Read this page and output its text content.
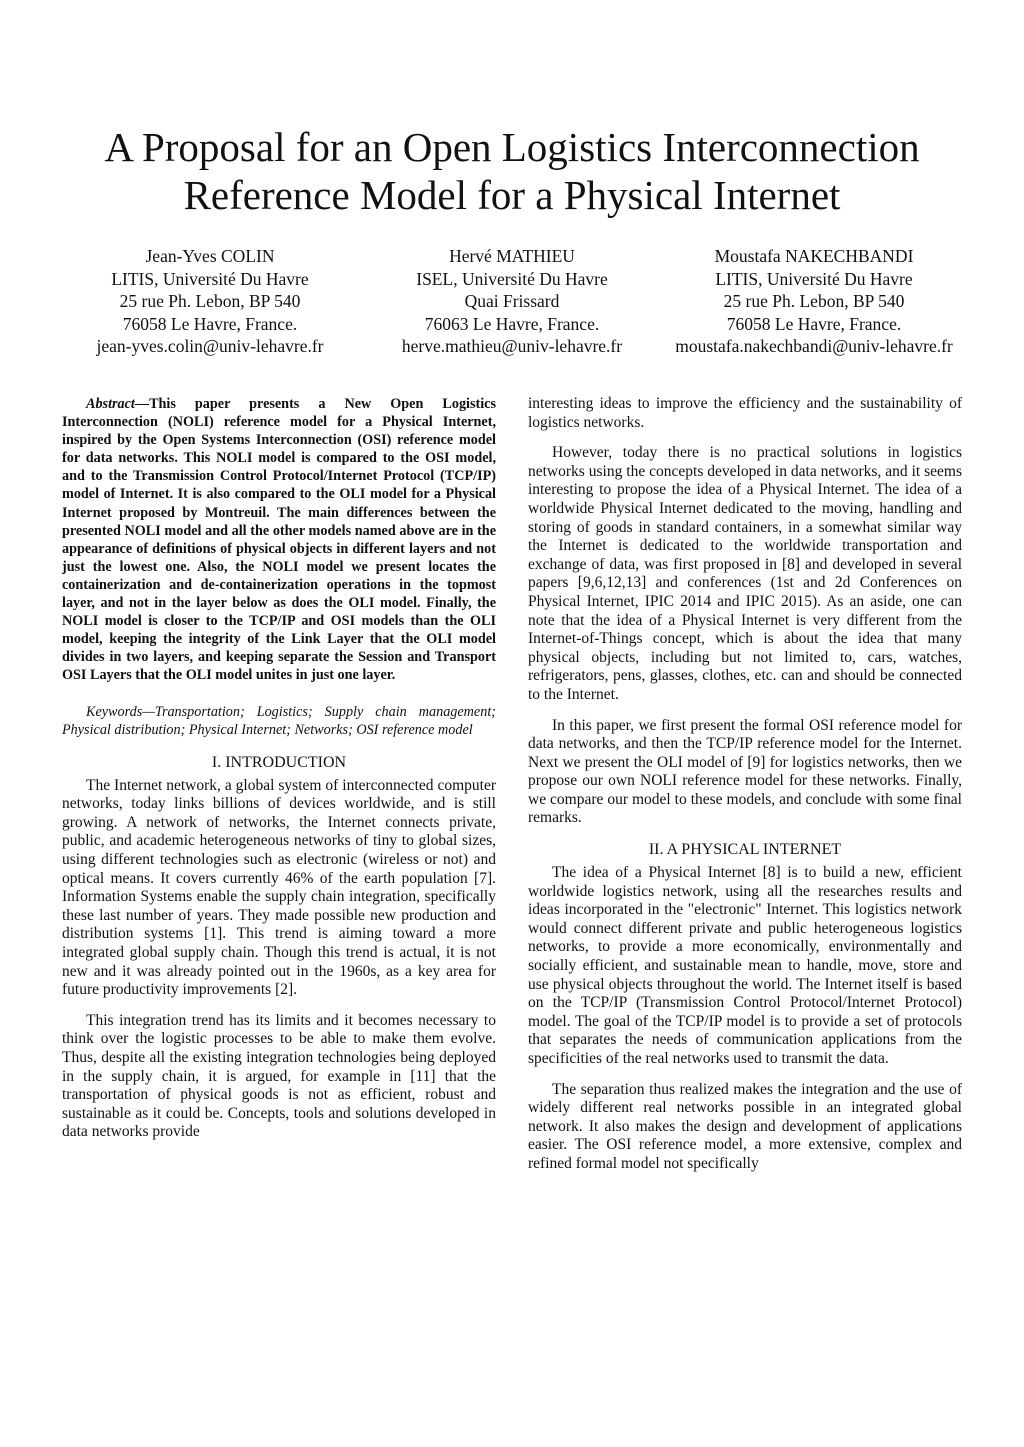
A Proposal for an Open Logistics Interconnection
Reference Model for a Physical Internet
Jean-Yves COLIN
LITIS, Université Du Havre
25 rue Ph. Lebon, BP 540
76058 Le Havre, France.
jean-yves.colin@univ-lehavre.fr
Hervé MATHIEU
ISEL, Université Du Havre
Quai Frissard
76063 Le Havre, France.
herve.mathieu@univ-lehavre.fr
Moustafa NAKECHBANDI
LITIS, Université Du Havre
25 rue Ph. Lebon, BP 540
76058 Le Havre, France.
moustafa.nakechbandi@univ-lehavre.fr

Abstract—This paper presents a New Open Logistics Interconnection (NOLI) reference model for a Physical Internet, inspired by the Open Systems Interconnection (OSI) reference model for data networks. This NOLI model is compared to the OSI model, and to the Transmission Control Protocol/Internet Protocol (TCP/IP) model of Internet. It is also compared to the OLI model for a Physical Internet proposed by Montreuil. The main differences between the presented NOLI model and all the other models named above are in the appearance of definitions of physical objects in different layers and not just the lowest one. Also, the NOLI model we present locates the containerization and de-containerization operations in the topmost layer, and not in the layer below as does the OLI model. Finally, the NOLI model is closer to the TCP/IP and OSI models than the OLI model, keeping the integrity of the Link Layer that the OLI model divides in two layers, and keeping separate the Session and Transport OSI Layers that the OLI model unites in just one layer.

Keywords—Transportation; Logistics; Supply chain management; Physical distribution; Physical Internet; Networks; OSI reference model

I. INTRODUCTION

The Internet network, a global system of interconnected computer networks, today links billions of devices worldwide, and is still growing. A network of networks, the Internet connects private, public, and academic heterogeneous networks of tiny to global sizes, using different technologies such as electronic (wireless or not) and optical means. It covers currently 46% of the earth population [7]. Information Systems enable the supply chain integration, specifically these last number of years. They made possible new production and distribution systems [1]. This trend is aiming toward a more integrated global supply chain. Though this trend is actual, it is not new and it was already pointed out in the 1960s, as a key area for future productivity improvements [2].

This integration trend has its limits and it becomes necessary to think over the logistic processes to be able to make them evolve. Thus, despite all the existing integration technologies being deployed in the supply chain, it is argued, for example in [11] that the transportation of physical goods is not as efficient, robust and sustainable as it could be. Concepts, tools and solutions developed in data networks provide

interesting ideas to improve the efficiency and the sustainability of logistics networks.

However, today there is no practical solutions in logistics networks using the concepts developed in data networks, and it seems interesting to propose the idea of a Physical Internet. The idea of a worldwide Physical Internet dedicated to the moving, handling and storing of goods in standard containers, in a somewhat similar way the Internet is dedicated to the worldwide transportation and exchange of data, was first proposed in [8] and developed in several papers [9,6,12,13] and conferences (1st and 2d Conferences on Physical Internet, IPIC 2014 and IPIC 2015). As an aside, one can note that the idea of a Physical Internet is very different from the Internet-of-Things concept, which is about the idea that many physical objects, including but not limited to, cars, watches, refrigerators, pens, glasses, clothes, etc. can and should be connected to the Internet.

In this paper, we first present the formal OSI reference model for data networks, and then the TCP/IP reference model for the Internet. Next we present the OLI model of [9] for logistics networks, then we propose our own NOLI reference model for these networks. Finally, we compare our model to these models, and conclude with some final remarks.

II. A PHYSICAL INTERNET

The idea of a Physical Internet [8] is to build a new, efficient worldwide logistics network, using all the researches results and ideas incorporated in the "electronic" Internet. This logistics network would connect different private and public heterogeneous logistics networks, to provide a more economically, environmentally and socially efficient, and sustainable mean to handle, move, store and use physical objects throughout the world. The Internet itself is based on the TCP/IP (Transmission Control Protocol/Internet Protocol) model. The goal of the TCP/IP model is to provide a set of protocols that separates the needs of communication applications from the specificities of the real networks used to transmit the data.

The separation thus realized makes the integration and the use of widely different real networks possible in an integrated global network. It also makes the design and development of applications easier. The OSI reference model, a more extensive, complex and refined formal model not specifically
